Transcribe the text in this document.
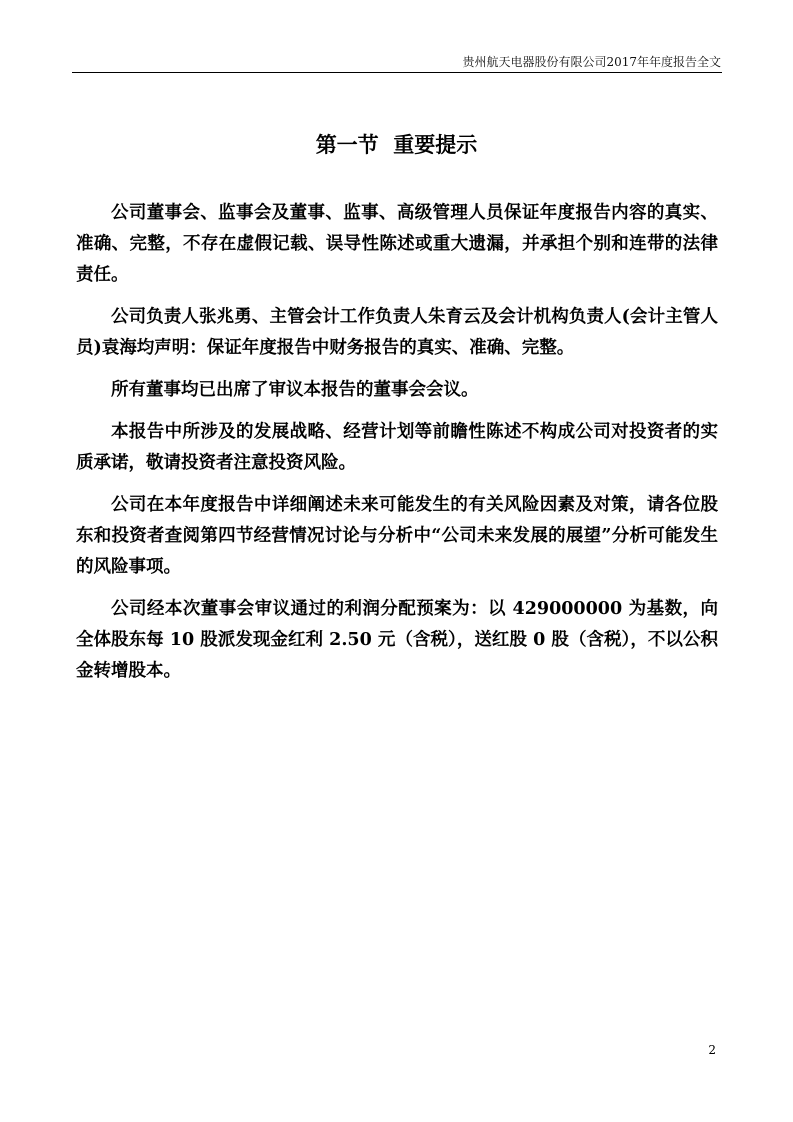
贵州航天电器股份有限公司2017年年度报告全文
第一节  重要提示

公司董事会、监事会及董事、监事、高级管理人员保证年度报告内容的真实、准确、完整，不存在虚假记载、误导性陈述或重大遗漏，并承担个别和连带的法律责任。

公司负责人张兆勇、主管会计工作负责人朱育云及会计机构负责人(会计主管人员)袁海均声明：保证年度报告中财务报告的真实、准确、完整。

所有董事均已出席了审议本报告的董事会会议。

本报告中所涉及的发展战略、经营计划等前瞻性陈述不构成公司对投资者的实质承诺，敬请投资者注意投资风险。

公司在本年度报告中详细阐述未来可能发生的有关风险因素及对策，请各位股东和投资者查阅第四节经营情况讨论与分析中“公司未来发展的展望”分析可能发生的风险事项。

公司经本次董事会审议通过的利润分配预案为：以 429000000 为基数，向全体股东每 10 股派发现金红利 2.50 元（含税），送红股 0 股（含税），不以公积金转增股本。

2
